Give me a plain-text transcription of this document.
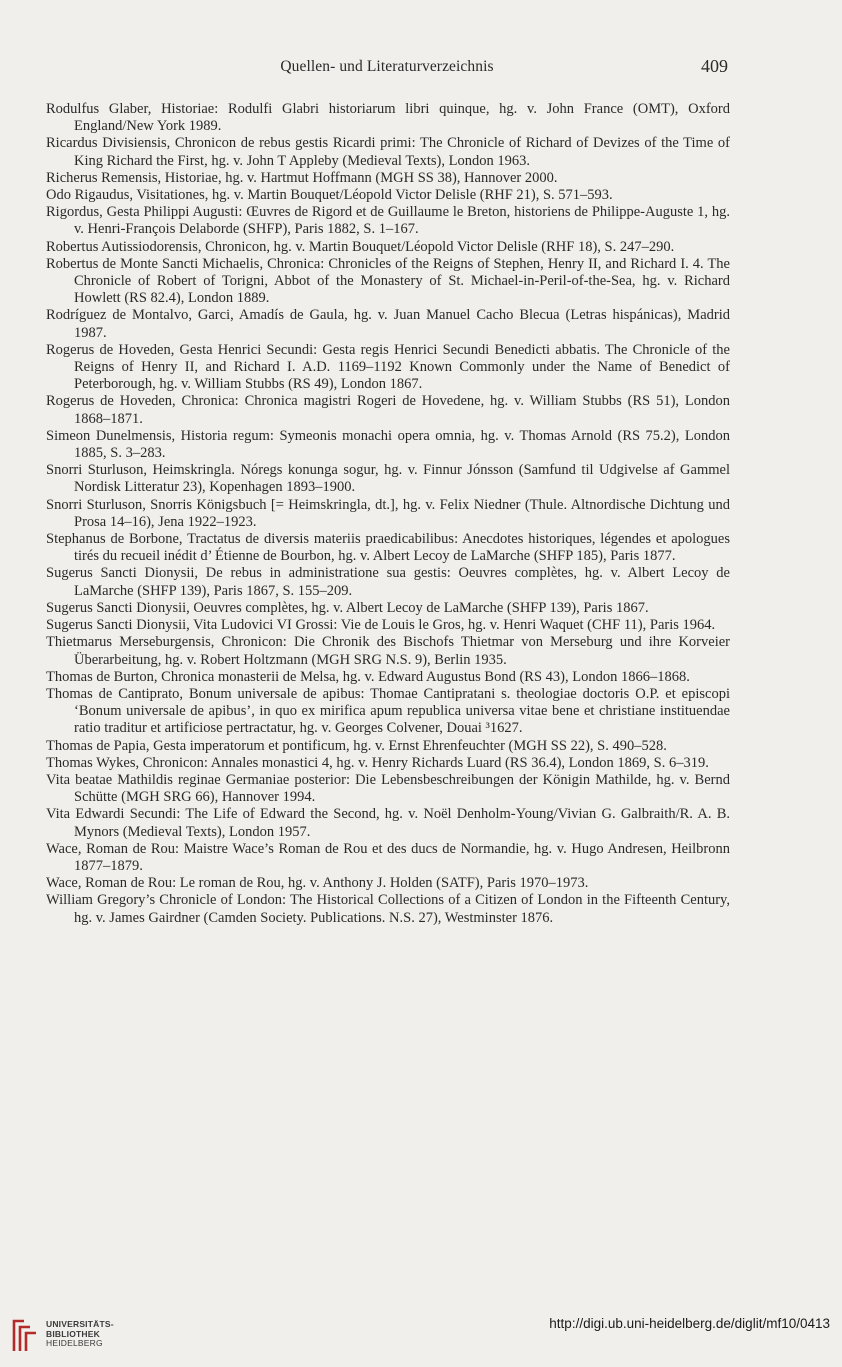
Quellen- und Literaturverzeichnis	409

Rodulfus Glaber, Historiae: Rodulfi Glabri historiarum libri quinque, hg. v. John France (OMT), Oxford England/New York 1989.

Ricardus Divisiensis, Chronicon de rebus gestis Ricardi primi: The Chronicle of Richard of Devizes of the Time of King Richard the First, hg. v. John T Appleby (Medieval Texts), London 1963.

Richerus Remensis, Historiae, hg. v. Hartmut Hoffmann (MGH SS 38), Hannover 2000.

Odo Rigaudus, Visitationes, hg. v. Martin Bouquet/Léopold Victor Delisle (RHF 21), S. 571–593.

Rigordus, Gesta Philippi Augusti: Œuvres de Rigord et de Guillaume le Breton, historiens de Philippe-Auguste 1, hg. v. Henri-François Delaborde (SHFP), Paris 1882, S. 1–167.

Robertus Autissiodorensis, Chronicon, hg. v. Martin Bouquet/Léopold Victor Delisle (RHF 18), S. 247–290.

Robertus de Monte Sancti Michaelis, Chronica: Chronicles of the Reigns of Stephen, Henry II, and Richard I. 4. The Chronicle of Robert of Torigni, Abbot of the Monastery of St. Michael-in-Peril-of-the-Sea, hg. v. Richard Howlett (RS 82.4), London 1889.

Rodríguez de Montalvo, Garci, Amadís de Gaula, hg. v. Juan Manuel Cacho Blecua (Letras hispánicas), Madrid 1987.

Rogerus de Hoveden, Gesta Henrici Secundi: Gesta regis Henrici Secundi Benedicti abbatis. The Chronicle of the Reigns of Henry II, and Richard I. A.D. 1169–1192 Known Commonly under the Name of Benedict of Peterborough, hg. v. William Stubbs (RS 49), London 1867.

Rogerus de Hoveden, Chronica: Chronica magistri Rogeri de Hovedene, hg. v. William Stubbs (RS 51), London 1868–1871.

Simeon Dunelmensis, Historia regum: Symeonis monachi opera omnia, hg. v. Thomas Arnold (RS 75.2), London 1885, S. 3–283.

Snorri Sturluson, Heimskringla. Nóregs konunga sogur, hg. v. Finnur Jónsson (Samfund til Udgivelse af Gammel Nordisk Litteratur 23), Kopenhagen 1893–1900.

Snorri Sturluson, Snorris Königsbuch [= Heimskringla, dt.], hg. v. Felix Niedner (Thule. Altnordische Dichtung und Prosa 14–16), Jena 1922–1923.

Stephanus de Borbone, Tractatus de diversis materiis praedicabilibus: Anecdotes historiques, légendes et apologues tirés du recueil inédit d’ Étienne de Bourbon, hg. v. Albert Lecoy de LaMarche (SHFP 185), Paris 1877.

Sugerus Sancti Dionysii, De rebus in administratione sua gestis: Oeuvres complètes, hg. v. Albert Lecoy de LaMarche (SHFP 139), Paris 1867, S. 155–209.

Sugerus Sancti Dionysii, Oeuvres complètes, hg. v. Albert Lecoy de LaMarche (SHFP 139), Paris 1867.

Sugerus Sancti Dionysii, Vita Ludovici VI Grossi: Vie de Louis le Gros, hg. v. Henri Waquet (CHF 11), Paris 1964.

Thietmarus Merseburgensis, Chronicon: Die Chronik des Bischofs Thietmar von Merseburg und ihre Korveier Überarbeitung, hg. v. Robert Holtzmann (MGH SRG N.S. 9), Berlin 1935.

Thomas de Burton, Chronica monasterii de Melsa, hg. v. Edward Augustus Bond (RS 43), London 1866–1868.

Thomas de Cantiprato, Bonum universale de apibus: Thomae Cantipratani s. theologiae doctoris O.P. et episcopi ‘Bonum universale de apibus’, in quo ex mirifica apum republica universa vitae bene et christiane instituendae ratio traditur et artificiose pertractatur, hg. v. Georges Colvener, Douai ³1627.

Thomas de Papia, Gesta imperatorum et pontificum, hg. v. Ernst Ehrenfeuchter (MGH SS 22), S. 490–528.

Thomas Wykes, Chronicon: Annales monastici 4, hg. v. Henry Richards Luard (RS 36.4), London 1869, S. 6–319.

Vita beatae Mathildis reginae Germaniae posterior: Die Lebensbeschreibungen der Königin Mathilde, hg. v. Bernd Schütte (MGH SRG 66), Hannover 1994.

Vita Edwardi Secundi: The Life of Edward the Second, hg. v. Noël Denholm-Young/Vivian G. Galbraith/R. A. B. Mynors (Medieval Texts), London 1957.

Wace, Roman de Rou: Maistre Wace’s Roman de Rou et des ducs de Normandie, hg. v. Hugo Andresen, Heilbronn 1877–1879.

Wace, Roman de Rou: Le roman de Rou, hg. v. Anthony J. Holden (SATF), Paris 1970–1973.

William Gregory’s Chronicle of London: The Historical Collections of a Citizen of London in the Fifteenth Century, hg. v. James Gairdner (Camden Society. Publications. N.S. 27), Westminster 1876.

UNIVERSITÄTS-
BIBLIOTHEK
HEIDELBERG
http://digi.ub.uni-heidelberg.de/diglit/mf10/0413
